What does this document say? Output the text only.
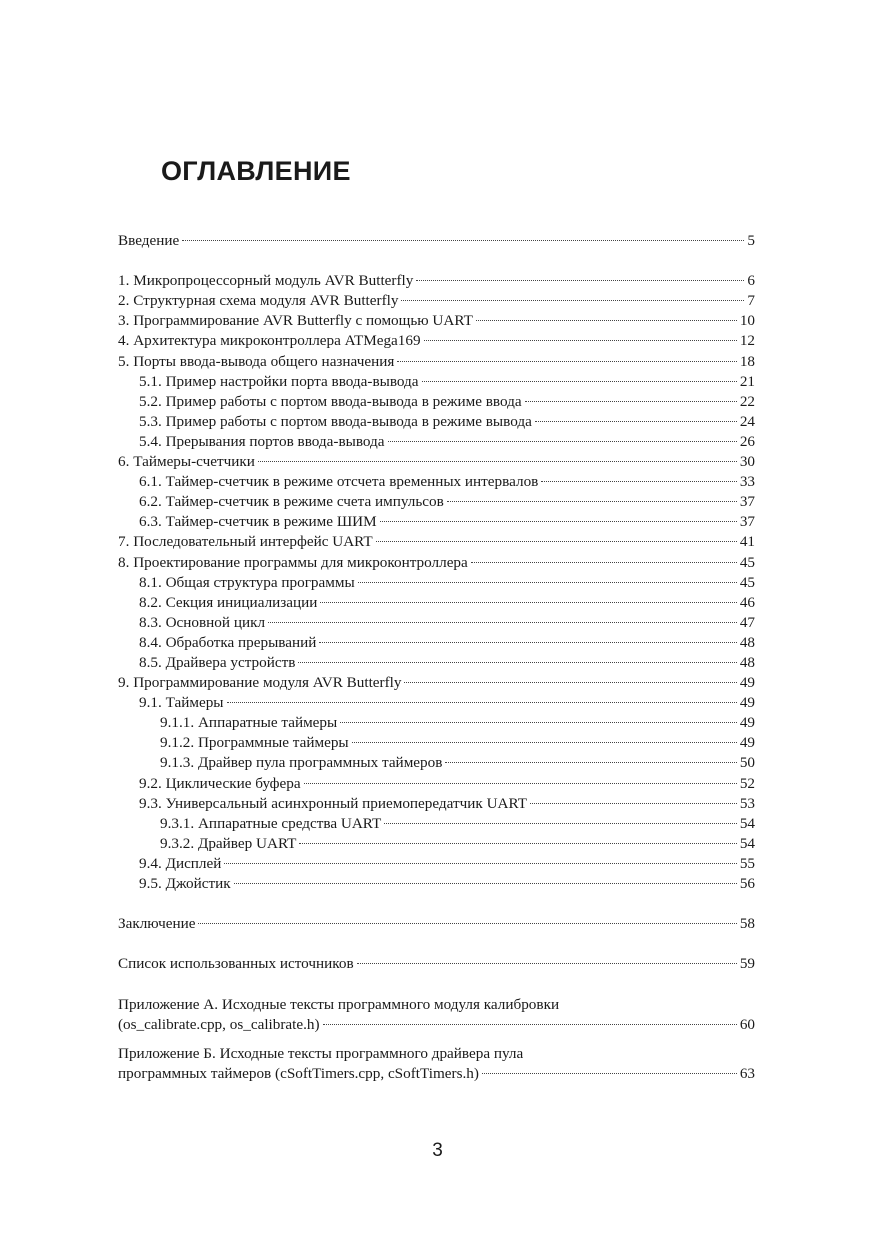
ОГЛАВЛЕНИЕ
Введение	5
1. Микропроцессорный модуль AVR Butterfly	6
2. Структурная схема модуля AVR Butterfly	7
3. Программирование AVR Butterfly с помощью UART	10
4. Архитектура микроконтроллера ATMega169	12
5. Порты ввода-вывода общего назначения	18
5.1. Пример настройки порта ввода-вывода	21
5.2. Пример работы с портом ввода-вывода в режиме ввода	22
5.3. Пример работы с портом ввода-вывода в режиме вывода	24
5.4. Прерывания портов ввода-вывода	26
6. Таймеры-счетчики	30
6.1. Таймер-счетчик в режиме отсчета временных интервалов	33
6.2. Таймер-счетчик в режиме счета импульсов	37
6.3. Таймер-счетчик в режиме ШИМ	37
7. Последовательный интерфейс UART	41
8. Проектирование программы для микроконтроллера	45
8.1. Общая структура программы	45
8.2. Секция инициализации	46
8.3. Основной цикл	47
8.4. Обработка прерываний	48
8.5. Драйвера устройств	48
9. Программирование модуля AVR Butterfly	49
9.1. Таймеры	49
9.1.1. Аппаратные таймеры	49
9.1.2. Программные таймеры	49
9.1.3. Драйвер пула программных таймеров	50
9.2. Циклические буфера	52
9.3. Универсальный асинхронный приемопередатчик UART	53
9.3.1. Аппаратные средства UART	54
9.3.2. Драйвер UART	54
9.4. Дисплей	55
9.5. Джойстик	56
Заключение	58
Список использованных источников	59
Приложение А. Исходные тексты программного модуля калибровки
(os_calibrate.cpp, os_calibrate.h)	60
Приложение Б. Исходные тексты программного драйвера пула
программных таймеров (cSoftTimers.cpp, cSoftTimers.h)	63
3
